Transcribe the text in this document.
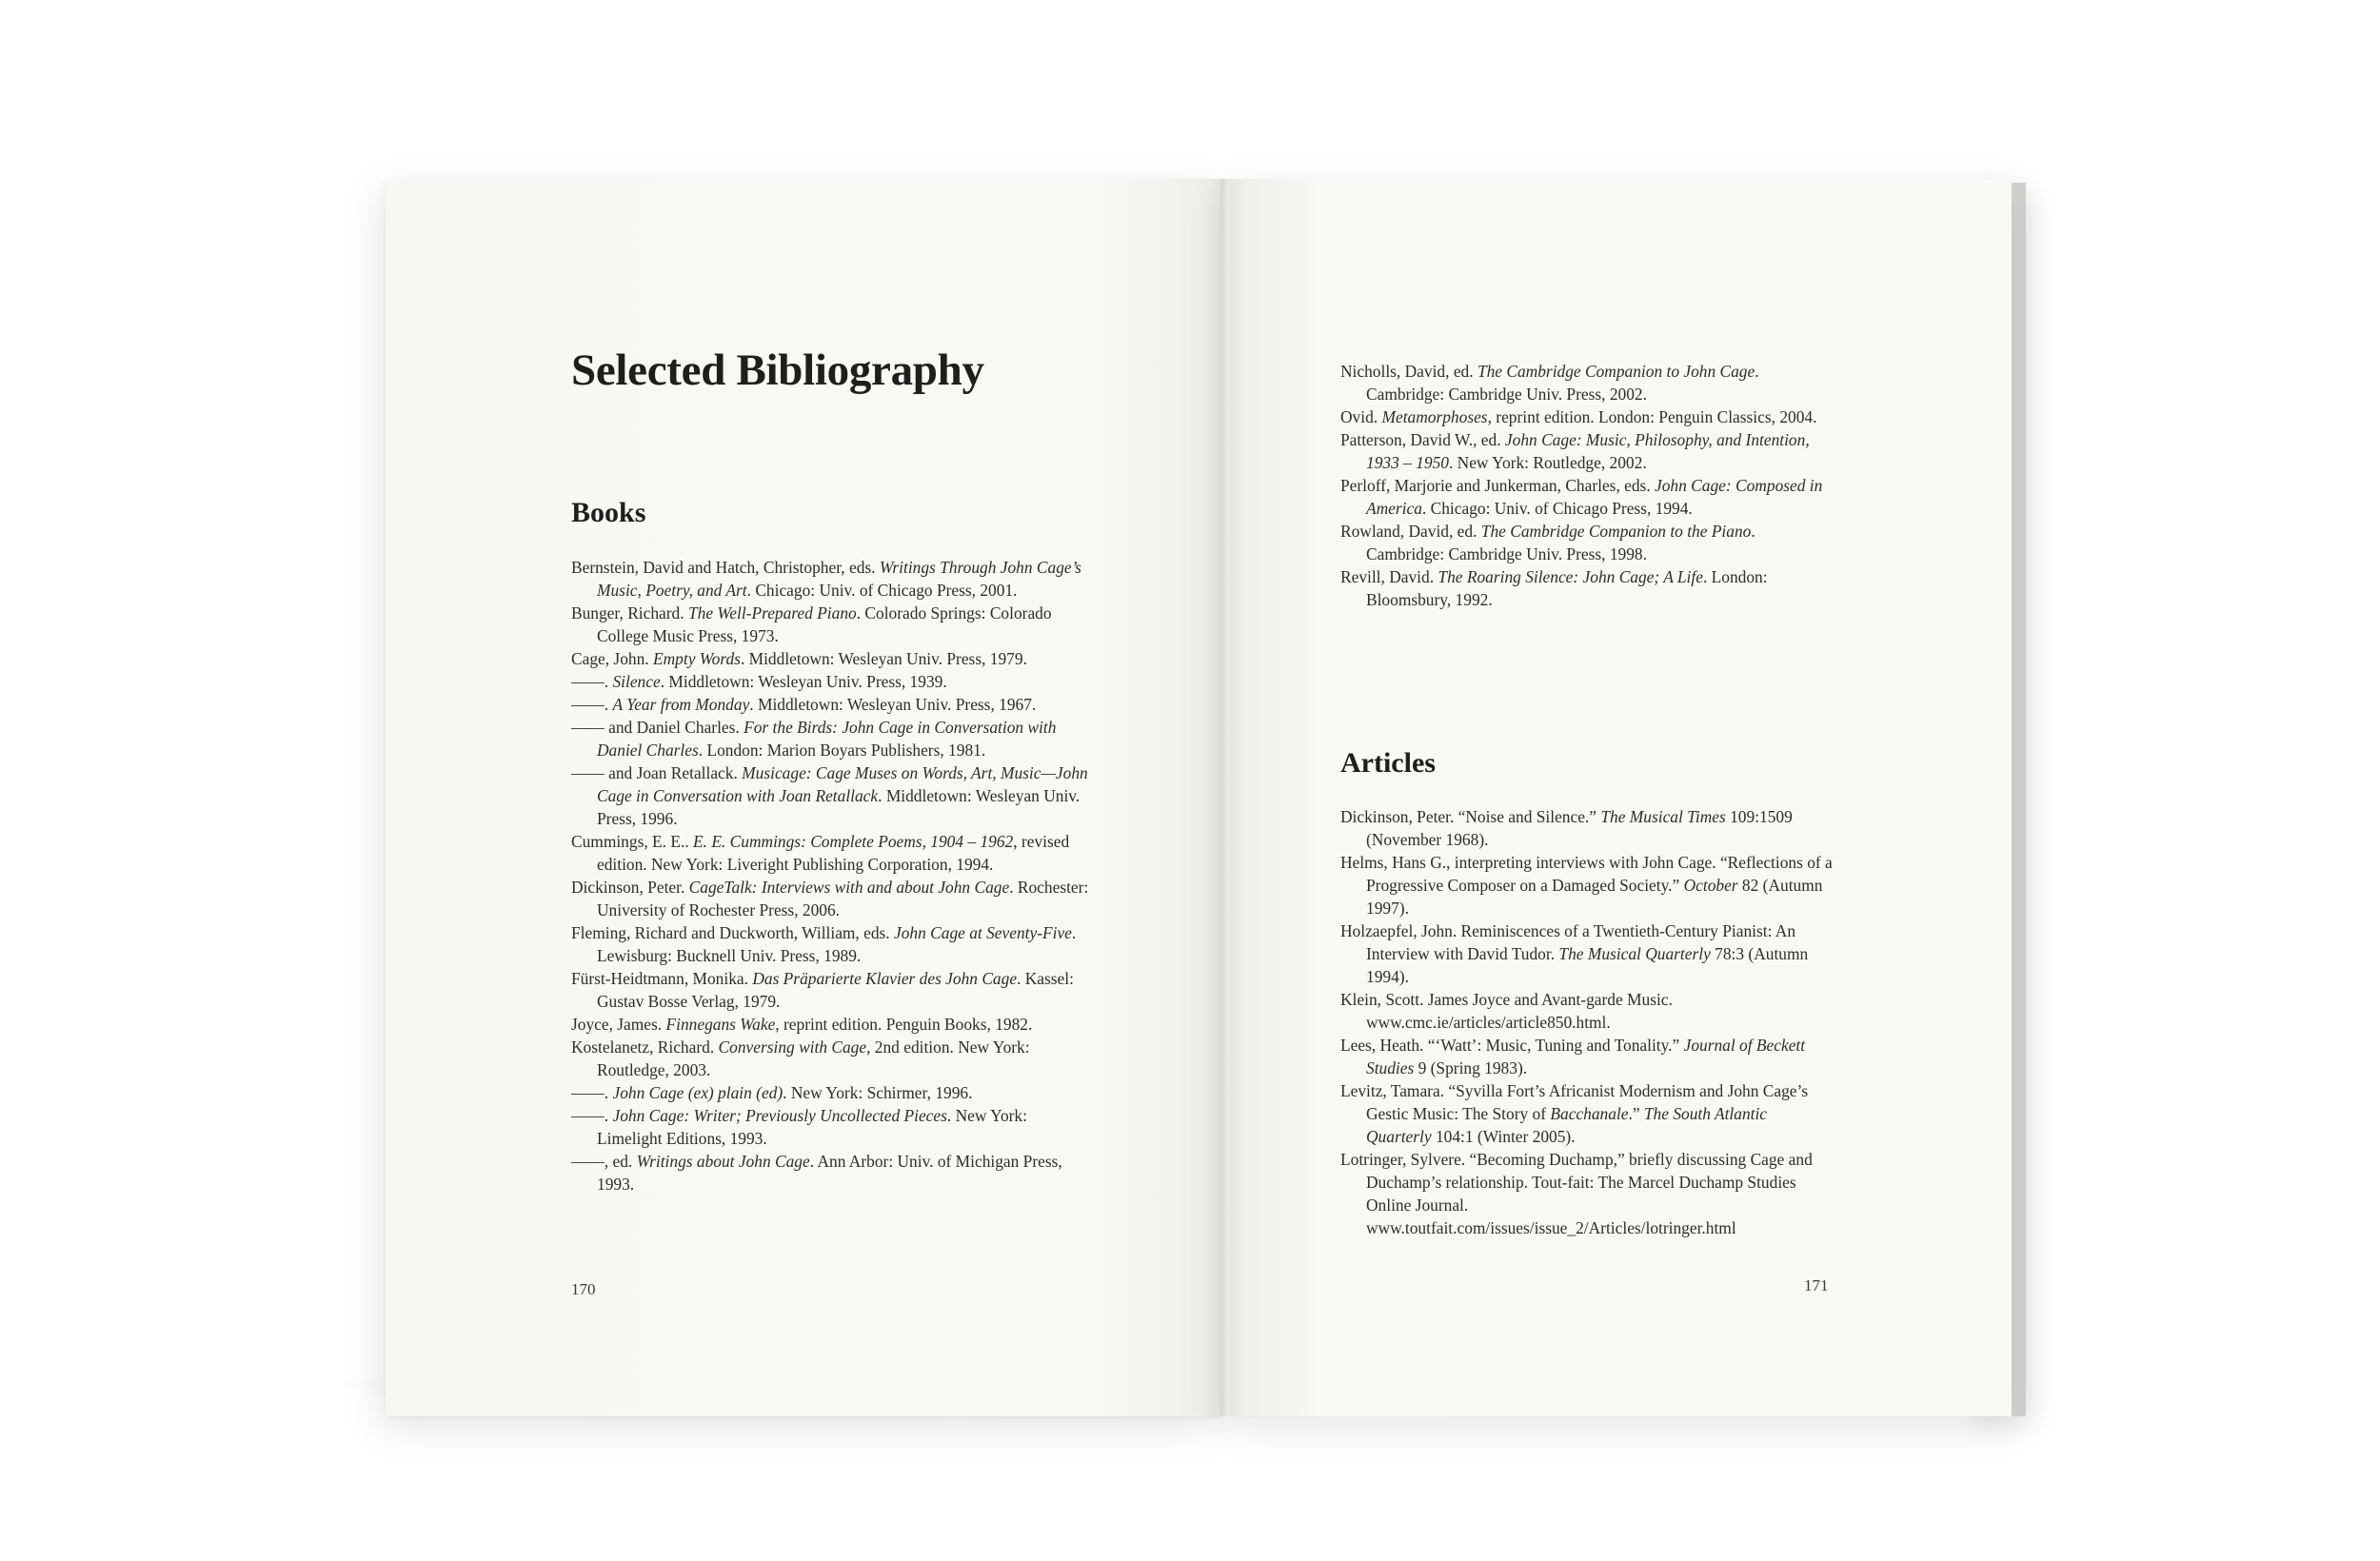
Selected Bibliography
Books
Bernstein, David and Hatch, Christopher, eds. Writings Through John Cage’s Music, Poetry, and Art. Chicago: Univ. of Chicago Press, 2001.
Bunger, Richard. The Well-Prepared Piano. Colorado Springs: Colorado College Music Press, 1973.
Cage, John. Empty Words. Middletown: Wesleyan Univ. Press, 1979.
——. Silence. Middletown: Wesleyan Univ. Press, 1939.
——. A Year from Monday. Middletown: Wesleyan Univ. Press, 1967.
—— and Daniel Charles. For the Birds: John Cage in Conversation with Daniel Charles. London: Marion Boyars Publishers, 1981.
—— and Joan Retallack. Musicage: Cage Muses on Words, Art, Music—John Cage in Conversation with Joan Retallack. Middletown: Wesleyan Univ. Press, 1996.
Cummings, E. E.. E. E. Cummings: Complete Poems, 1904 – 1962, revised edition. New York: Liveright Publishing Corporation, 1994.
Dickinson, Peter. CageTalk: Interviews with and about John Cage. Rochester: University of Rochester Press, 2006.
Fleming, Richard and Duckworth, William, eds. John Cage at Seventy-Five. Lewisburg: Bucknell Univ. Press, 1989.
Fürst-Heidtmann, Monika. Das Präparierte Klavier des John Cage. Kassel: Gustav Bosse Verlag, 1979.
Joyce, James. Finnegans Wake, reprint edition. Penguin Books, 1982.
Kostelanetz, Richard. Conversing with Cage, 2nd edition. New York: Routledge, 2003.
——. John Cage (ex) plain (ed). New York: Schirmer, 1996.
——. John Cage: Writer; Previously Uncollected Pieces. New York: Limelight Editions, 1993.
——, ed. Writings about John Cage. Ann Arbor: Univ. of Michigan Press, 1993.

170

Nicholls, David, ed. The Cambridge Companion to John Cage. Cambridge: Cambridge Univ. Press, 2002.
Ovid. Metamorphoses, reprint edition. London: Penguin Classics, 2004.
Patterson, David W., ed. John Cage: Music, Philosophy, and Intention, 1933 – 1950. New York: Routledge, 2002.
Perloff, Marjorie and Junkerman, Charles, eds. John Cage: Composed in America. Chicago: Univ. of Chicago Press, 1994.
Rowland, David, ed. The Cambridge Companion to the Piano. Cambridge: Cambridge Univ. Press, 1998.
Revill, David. The Roaring Silence: John Cage; A Life. London: Bloomsbury, 1992.
Articles
Dickinson, Peter. “Noise and Silence.” The Musical Times 109:1509 (November 1968).
Helms, Hans G., interpreting interviews with John Cage. “Reflections of a Progressive Composer on a Damaged Society.” October 82 (Autumn 1997).
Holzaepfel, John. Reminiscences of a Twentieth-Century Pianist: An Interview with David Tudor. The Musical Quarterly 78:3 (Autumn 1994).
Klein, Scott. James Joyce and Avant-garde Music. www.cmc.ie/articles/article850.html.
Lees, Heath. “‘Watt’: Music, Tuning and Tonality.” Journal of Beckett Studies 9 (Spring 1983).
Levitz, Tamara. “Syvilla Fort’s Africanist Modernism and John Cage’s Gestic Music: The Story of Bacchanale.” The South Atlantic Quarterly 104:1 (Winter 2005).
Lotringer, Sylvere. “Becoming Duchamp,” briefly discussing Cage and Duchamp’s relationship. Tout-fait: The Marcel Duchamp Studies Online Journal. www.toutfait.com/issues/issue_2/Articles/lotringer.html

171
